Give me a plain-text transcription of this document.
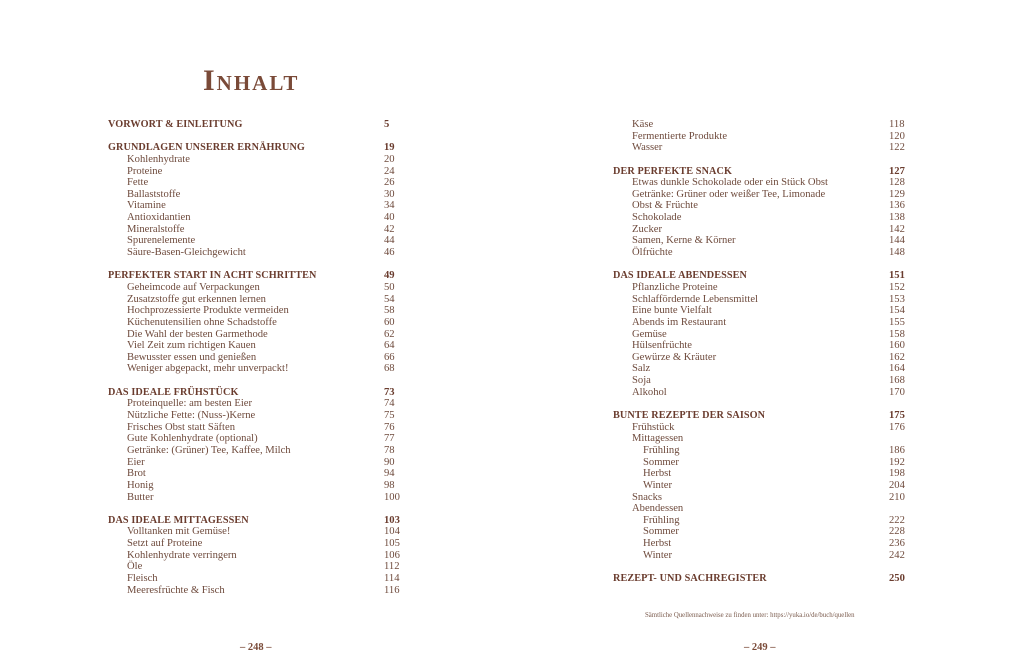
Inhalt
VORWORT & EINLEITUNG	5
GRUNDLAGEN UNSERER ERNÄHRUNG	19
Kohlenhydrate	20
Proteine	24
Fette	26
Ballaststoffe	30
Vitamine	34
Antioxidantien	40
Mineralstoffe	42
Spurenelemente	44
Säure-Basen-Gleichgewicht	46
PERFEKTER START IN ACHT SCHRITTEN	49
Geheimcode auf Verpackungen	50
Zusatzstoffe gut erkennen lernen	54
Hochprozessierte Produkte vermeiden	58
Küchenutensilien ohne Schadstoffe	60
Die Wahl der besten Garmethode	62
Viel Zeit zum richtigen Kauen	64
Bewusster essen und genießen	66
Weniger abgepackt, mehr unverpackt!	68
DAS IDEALE FRÜHSTÜCK	73
Proteinquelle: am besten Eier	74
Nützliche Fette: (Nuss-)Kerne	75
Frisches Obst statt Säften	76
Gute Kohlenhydrate (optional)	77
Getränke: (Grüner) Tee, Kaffee, Milch	78
Eier	90
Brot	94
Honig	98
Butter	100
DAS IDEALE MITTAGESSEN	103
Volltanken mit Gemüse!	104
Setzt auf Proteine	105
Kohlenhydrate verringern	106
Öle	112
Fleisch	114
Meeresfrüchte & Fisch	116
– 248 –
Käse	118
Fermentierte Produkte	120
Wasser	122
DER PERFEKTE SNACK	127
Etwas dunkle Schokolade oder ein Stück Obst	128
Getränke: Grüner oder weißer Tee, Limonade	129
Obst & Früchte	136
Schokolade	138
Zucker	142
Samen, Kerne & Körner	144
Ölfrüchte	148
DAS IDEALE ABENDESSEN	151
Pflanzliche Proteine	152
Schlaffördernde Lebensmittel	153
Eine bunte Vielfalt	154
Abends im Restaurant	155
Gemüse	158
Hülsenfrüchte	160
Gewürze & Kräuter	162
Salz	164
Soja	168
Alkohol	170
BUNTE REZEPTE DER SAISON	175
Frühstück	176
Mittagessen
Frühling	186
Sommer	192
Herbst	198
Winter	204
Snacks	210
Abendessen
Frühling	222
Sommer	228
Herbst	236
Winter	242
REZEPT- UND SACHREGISTER	250
Sämtliche Quellennachweise zu finden unter: https://yuka.io/de/buch/quellen
– 249 –
